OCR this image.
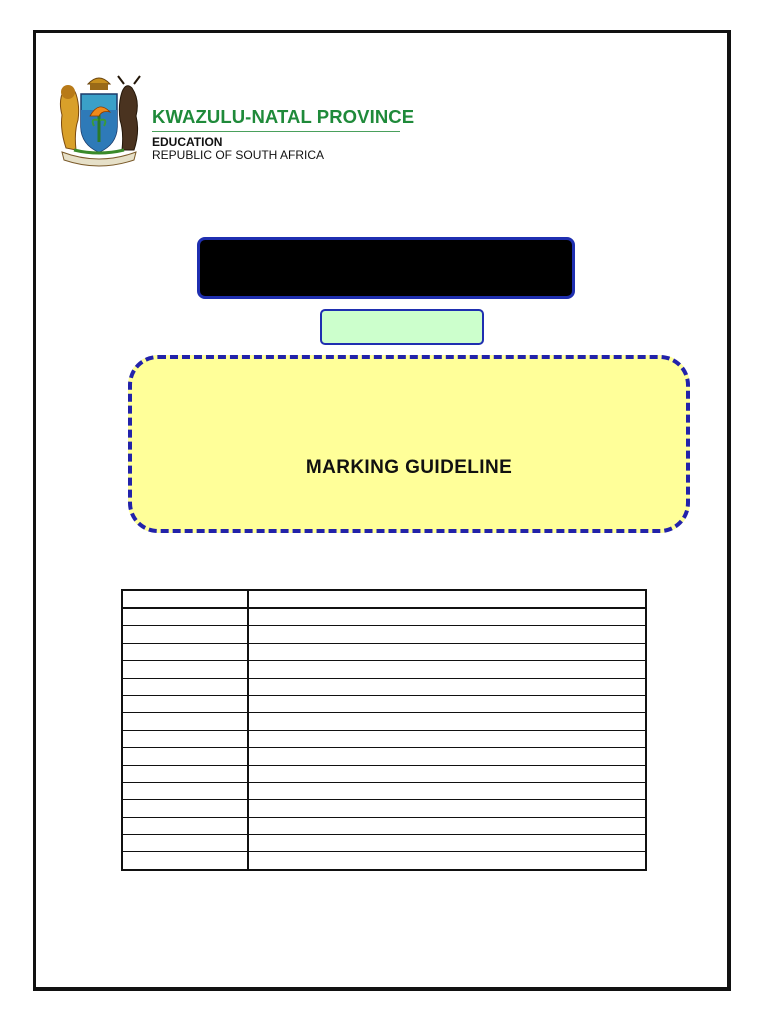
KWAZULU-NATAL PROVINCE
EDUCATION
REPUBLIC OF SOUTH AFRICA
MARKING GUIDELINE
